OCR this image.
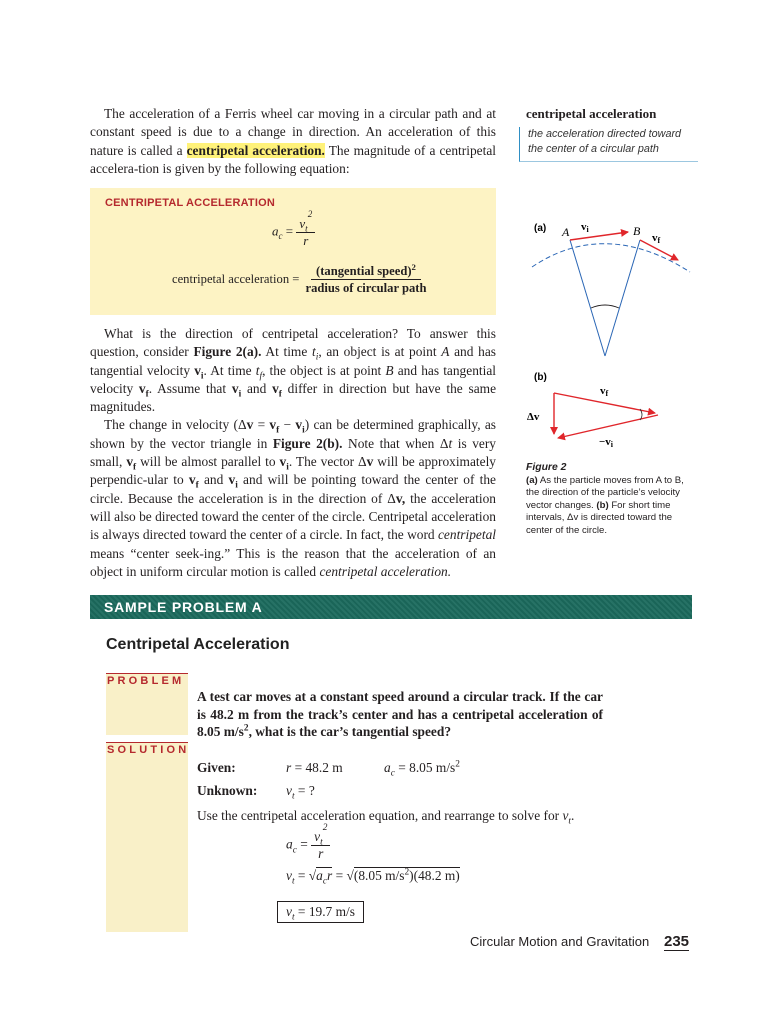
The acceleration of a Ferris wheel car moving in a circular path and at constant speed is due to a change in direction. An acceleration of this nature is called a centripetal acceleration. The magnitude of a centripetal accelera-tion is given by the following equation:

centripetal acceleration
the acceleration directed toward the center of a circular path
CENTRIPETAL ACCELERATION
$a_c = \frac{v_t^2}{r}$
centripetal acceleration = $\frac{(tangential speed)^2}{\text{radius of circular path}}$

What is the direction of centripetal acceleration? To answer this question, consider Figure 2(a). At time $t_i$, an object is at point A and has tangential velocity $v_i$. At time $t_f$, the object is at point B and has tangential velocity $v_f$. Assume that $v_i$ and $v_f$ differ in direction but have the same magnitudes.

The change in velocity $(\Delta v = v_f - v_i)$ can be determined graphically, as shown by the vector triangle in Figure 2(b). Note that when Δt is very small, $v_f$ will be almost parallel to $v_i$. The vector Δv will be approximately perpendic-ular to $v_f$ and $v_i$ and will be pointing toward the center of the circle. Because the acceleration is in the direction of Δv, the acceleration will also be directed toward the center of the circle. Centripetal acceleration is always directed toward the center of a circle. In fact, the word centripetal means “center seek-ing.” This is the reason that the acceleration of an object in uniform circular motion is called centripetal acceleration.

(a) A	B
vi
vf
(b)
vf
Δv
−vi
Figure 2
(a) As the particle moves from A to B, the direction of the particle’s velocity vector changes. (b) For short time intervals, Δv is directed toward the center of the circle.
SAMPLE PROBLEM A
Centripetal Acceleration
PROBLEM
A test car moves at a constant speed around a circular track. If the car is 48.2 m from the track’s center and has a centripetal acceleration of 8.05 $m/s^2$, what is the car’s tangential speed?
SOLUTION
Given:	r = 48.2 m	$a_c = 8.05$ $m/s^2$
Unknown: $v_t$ = ?
Use the centripetal acceleration equation, and rearrange to solve for $v_t$.
$a_c = \frac{v_t^2}{r}$
$v_t = √a_cr = √(8.05$ $m/s^2)(48.2$ m)
$v_t = 19.7$ m/s
Circular Motion and Gravitation 235
